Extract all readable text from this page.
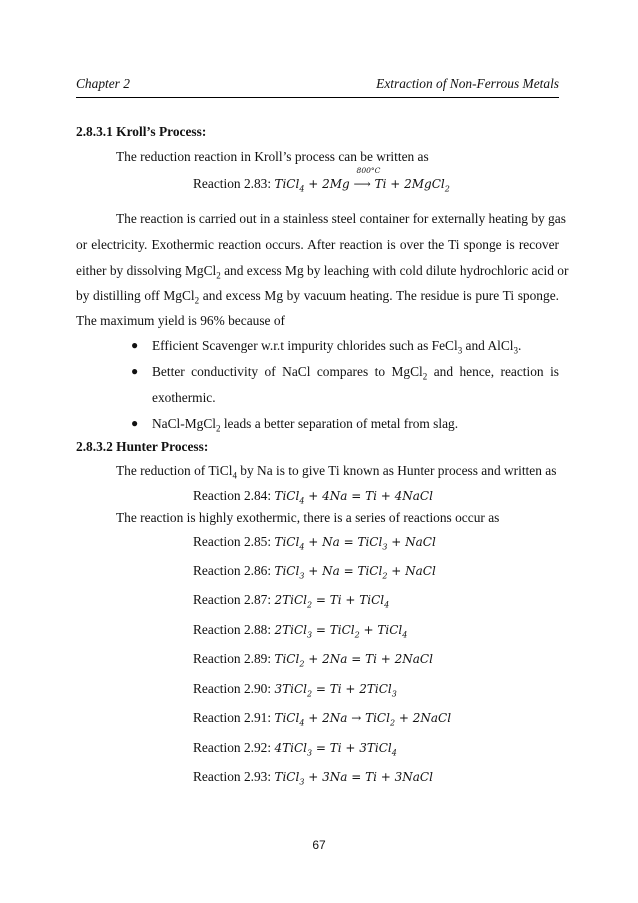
Chapter 2	Extraction of Non-Ferrous Metals
2.8.3.1 Kroll’s Process:
The reduction reaction in Kroll’s process can be written as
Reaction 2.83: TiCl$_4$ + 2Mg
800°C
⟶ Ti + 2MgCl$_2$
The reaction is carried out in a stainless steel container for externally heating by gas
or electricity. Exothermic reaction occurs. After reaction is over the Ti sponge is recover
either by dissolving MgCl$_2$ and excess Mg by leaching with cold dilute hydrochloric acid or
by distilling off MgCl$_2$ and excess Mg by vacuum heating. The residue is pure Ti sponge.
The maximum yield is 96% because of
● Efficient Scavenger w.r.t impurity chlorides such as FeCl$_3$ and AlCl$_3$.
● Better conductivity of NaCl compares to MgCl$_2$ and hence, reaction is
exothermic.
● NaCl-MgCl$_2$ leads a better separation of metal from slag.
2.8.3.2 Hunter Process:
The reduction of TiCl$_4$ by Na is to give Ti known as Hunter process and written as
Reaction 2.84: TiCl$_4$ + 4Na = Ti + 4NaCl
The reaction is highly exothermic, there is a series of reactions occur as
Reaction 2.85: TiCl$_4$ + Na = TiCl$_3$ + NaCl
Reaction 2.86: TiCl$_3$ + Na = TiCl$_2$ + NaCl
Reaction 2.87: 2TiCl$_2$ = Ti + TiCl$_4$
Reaction 2.88: 2TiCl$_3$ = TiCl$_2$ + TiCl$_4$
Reaction 2.89: TiCl$_2$ + 2Na = Ti + 2NaCl
Reaction 2.90: 3TiCl$_2$ = Ti + 2TiCl$_3$
Reaction 2.91: TiCl$_4$ + 2Na → TiCl$_2$ + 2NaCl
Reaction 2.92: 4TiCl$_3$ = Ti + 3TiCl$_4$
Reaction 2.93: TiCl$_3$ + 3Na = Ti + 3NaCl
67
